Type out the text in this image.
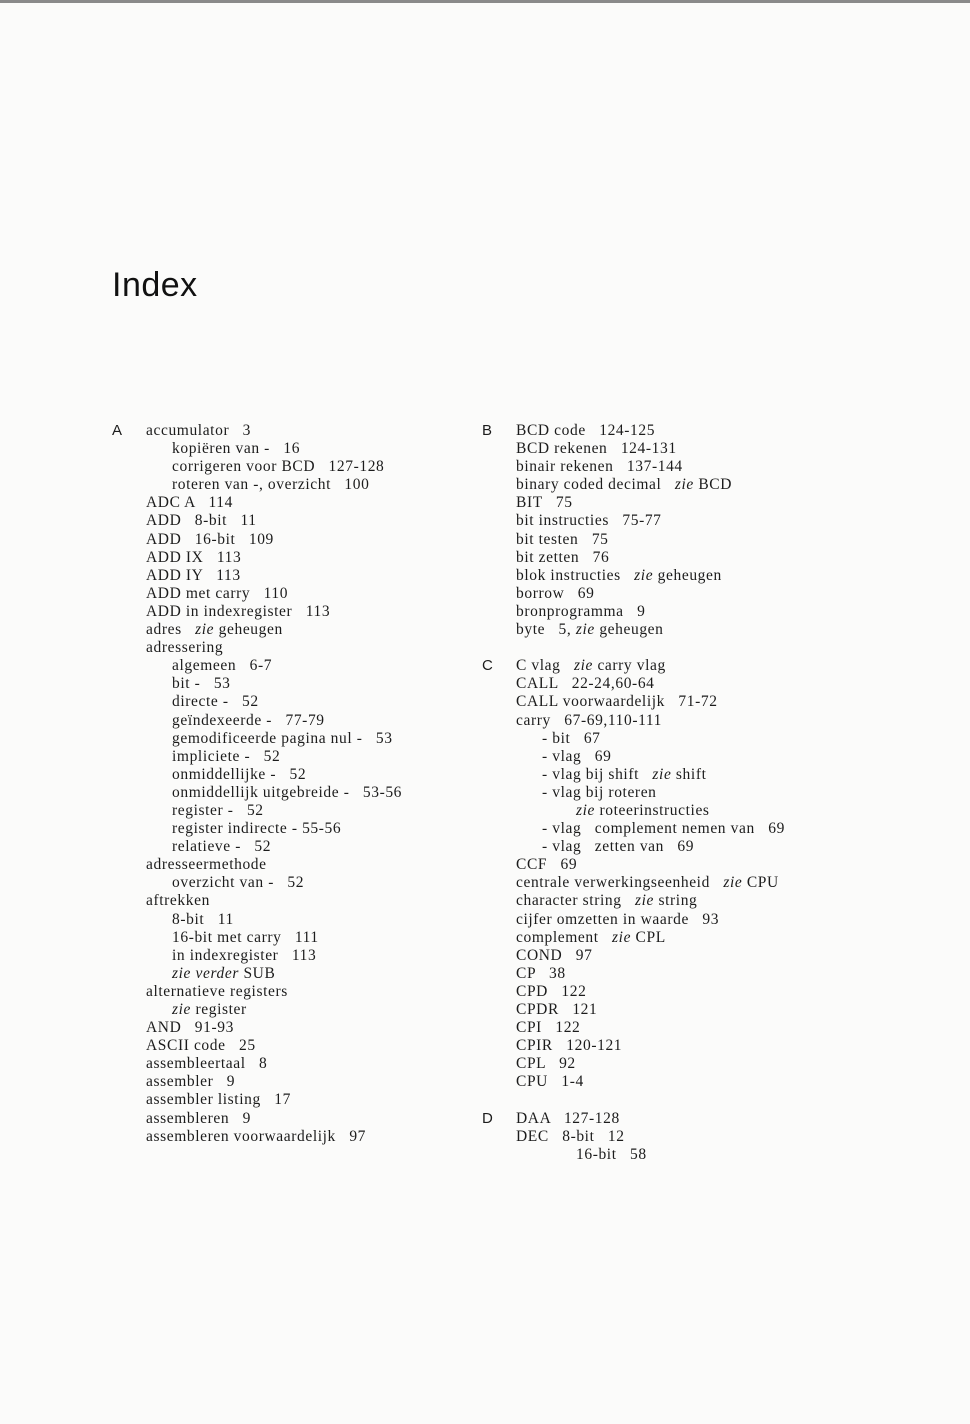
Index
A accumulator   3
kopiëren van -   16
corrigeren voor BCD   127-128
roteren van -, overzicht   100
ADC A   114
ADD   8-bit   11
ADD   16-bit   109
ADD IX   113
ADD IY   113
ADD met carry   110
ADD in indexregister   113
adres   zie geheugen
adressering
algemeen   6-7
bit -   53
directe -   52
geïndexeerde -   77-79
gemodificeerde pagina nul -   53
impliciete -   52
onmiddellijke -   52
onmiddellijk uitgebreide -   53-56
register -   52
register indirecte - 55-56
relatieve -   52
adresseermethode
overzicht van -   52
aftrekken
8-bit   11
16-bit met carry   111
in indexregister   113
zie verder SUB
alternatieve registers
zie register
AND   91-93
ASCII code   25
assembleertaal   8
assembler   9
assembler listing   17
assembleren   9
assembleren voorwaardelijk   97
B BCD code   124-125
BCD rekenen   124-131
binair rekenen   137-144
binary coded decimal   zie BCD
BIT   75
bit instructies   75-77
bit testen   75
bit zetten   76
blok instructies   zie geheugen
borrow   69
bronprogramma   9
byte   5, zie geheugen
C C vlag   zie carry vlag
CALL   22-24,60-64
CALL voorwaardelijk   71-72
carry   67-69,110-111
- bit   67
- vlag   69
- vlag bij shift   zie shift
- vlag bij roteren
zie roteerinstructies
- vlag   complement nemen van   69
- vlag   zetten van   69
CCF   69
centrale verwerkingseenheid   zie CPU
character string   zie string
cijfer omzetten in waarde   93
complement   zie CPL
COND   97
CP   38
CPD   122
CPDR   121
CPI   122
CPIR   120-121
CPL   92
CPU   1-4
D DAA   127-128
DEC   8-bit   12
16-bit   58
